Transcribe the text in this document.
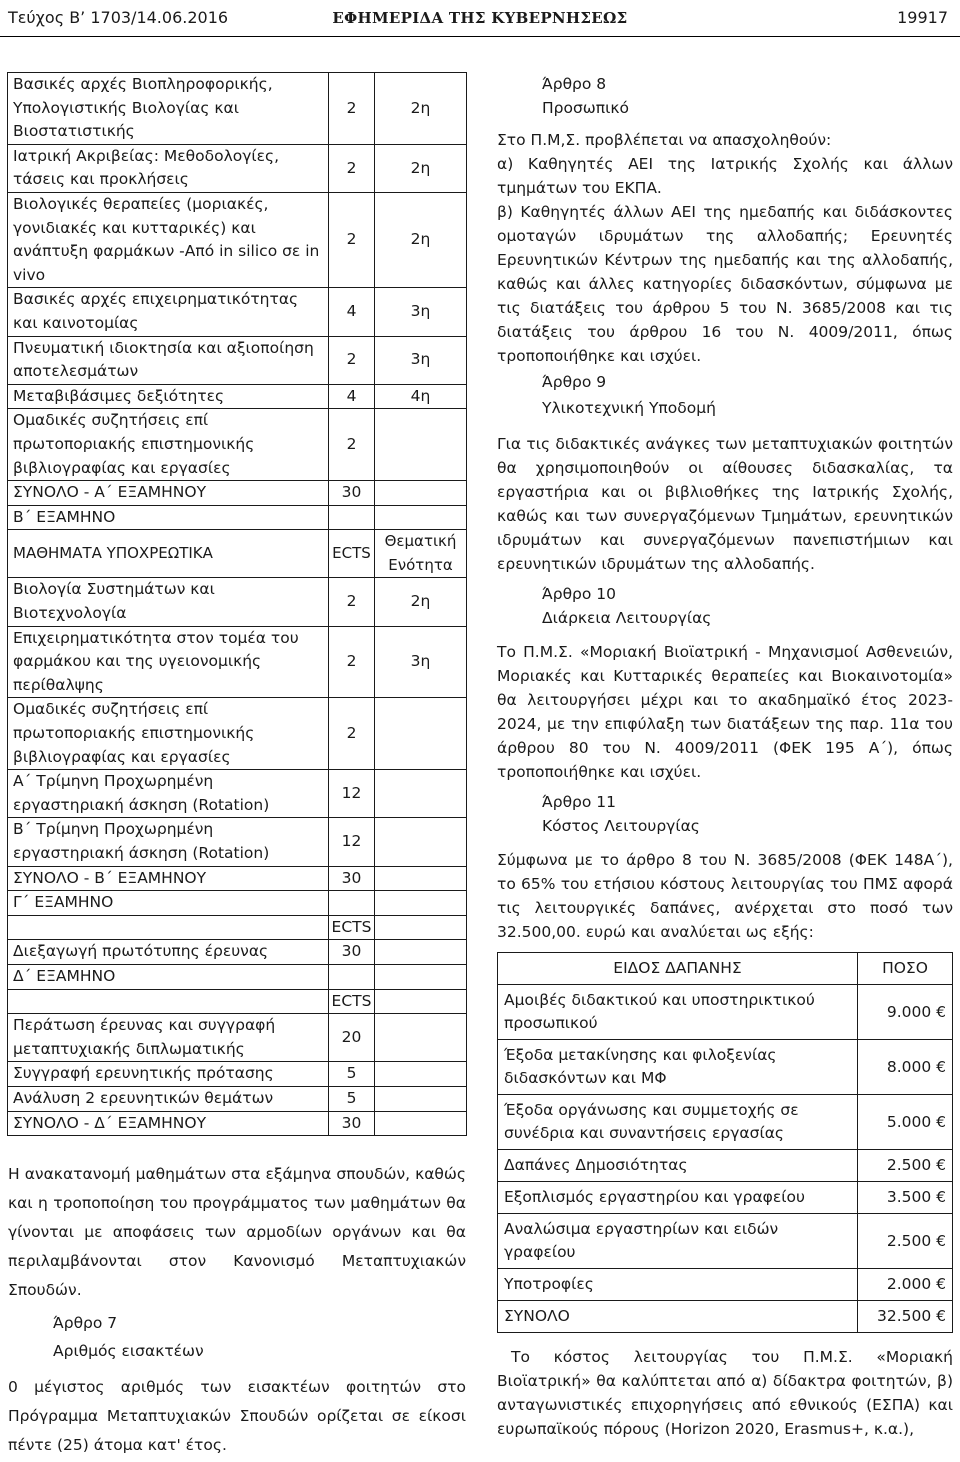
Τεύχος Β’ 1703/14.06.2016	ΕΦΗΜΕΡΙΔΑ ΤΗΣ ΚΥΒΕΡΝΗΣΕΩΣ	19917
Βασικές αρχές Βιοπληροφορικής, Υπολογιστικής Βιολογίας και Βιοστατιστικής	2	2η
Ιατρική Ακριβείας: Μεθοδολογίες, τάσεις και προκλήσεις	2	2η
Βιολογικές θεραπείες (μοριακές, γονιδιακές και κυτταρικές) και ανάπτυξη φαρμάκων -Από in silico σε in vivo	2	2η
Βασικές αρχές επιχειρηματικότητας και καινοτομίας	4	3η
Πνευματική ιδιοκτησία και αξιοποίηση αποτελεσμάτων	2	3η
Μεταβιβάσιμες δεξιότητες	4	4η
Ομαδικές συζητήσεις επί πρωτοποριακής επιστημονικής βιβλιογραφίας και εργασίες	2	
ΣΥΝΟΛΟ - Α΄ ΕΞΑΜΗΝΟΥ	30	
Β΄ ΕΞΑΜΗΝΟ		
ΜΑΘΗΜΑΤΑ ΥΠΟΧΡΕΩΤΙΚΑ	ECTS	Θεματική Ενότητα
Βιολογία Συστημάτων και Βιοτεχνολογία	2	2η
Επιχειρηματικότητα στον τομέα του φαρμάκου και της υγειονομικής περίθαλψης	2	3η
Ομαδικές συζητήσεις επί πρωτοποριακής επιστημονικής βιβλιογραφίας και εργασίες	2	
Α΄ Τρίμηνη Προχωρημένη εργαστηριακή άσκηση (Rotation)	12	
Β΄ Τρίμηνη Προχωρημένη εργαστηριακή άσκηση (Rotation)	12	
ΣΥΝΟΛΟ - Β΄ ΕΞΑΜΗΝΟΥ	30	
Γ΄ ΕΞΑΜΗΝΟ		
	ECTS	
Διεξαγωγή πρωτότυπης έρευνας	30	
Δ΄ ΕΞΑΜΗΝΟ		
	ECTS	
Περάτωση έρευνας και συγγραφή μεταπτυχιακής διπλωματικής	20	
Συγγραφή ερευνητικής πρότασης	5	
Ανάλυση 2 ερευνητικών θεμάτων	5	
ΣΥΝΟΛΟ - Δ΄ ΕΞΑΜΗΝΟΥ	30	

Η ανακατανομή μαθημάτων στα εξάμηνα σπουδών, καθώς και η τροποποίηση του προγράμματος των μαθημάτων θα γίνονται με αποφάσεις των αρμοδίων οργάνων και θα περιλαμβάνονται στον Κανονισμό Μεταπτυχιακών Σπουδών.

Άρθρο 7

Αριθμός εισακτέων

0 μέγιστος αριθμός των εισακτέων φοιτητών στο Πρόγραμμα Μεταπτυχιακών Σπουδών ορίζεται σε είκοσι πέντε (25) άτομα κατ' έτος.

Άρθρο 8

Προσωπικό

Στο Π.Μ,Σ. προβλέπεται να απασχοληθούν:

α) Καθηγητές ΑΕΙ της Ιατρικής Σχολής και άλλων τμημάτων του ΕΚΠΑ.

β) Καθηγητές άλλων ΑΕΙ της ημεδαπής και διδάσκοντες ομοταγών ιδρυμάτων της αλλοδαπής; Ερευνητές Ερευνητικών Κέντρων της ημεδαπής και της αλλοδαπής, καθώς και άλλες κατηγορίες διδασκόντων, σύμφωνα με τις διατάξεις του άρθρου 5 του Ν. 3685/2008 και τις διατάξεις του άρθρου 16 του Ν. 4009/2011, όπως τροποποιήθηκε και ισχύει.

Άρθρο 9

Υλικοτεχνική Υποδομή

Για τις διδακτικές ανάγκες των μεταπτυχιακών φοιτητών θα χρησιμοποιηθούν οι αίθουσες διδασκαλίας, τα εργαστήρια και οι βιβλιοθήκες της Ιατρικής Σχολής, καθώς και των συνεργαζόμενων Τμημάτων, ερευνητικών ιδρυμάτων και συνεργαζόμενων πανεπιστήμιων και ερευνητικών ιδρυμάτων της αλλοδαπής.

Άρθρο 10

Διάρκεια Λειτουργίας

Το Π.Μ.Σ. «Μοριακή Βιοϊατρική - Μηχανισμοί Ασθενειών, Μοριακές και Κυτταρικές θεραπείες και Βιοκαινοτομία» θα λειτουργήσει μέχρι και το ακαδημαϊκό έτος 2023-2024, με την επιφύλαξη των διατάξεων της παρ. 11α του άρθρου 80 του Ν. 4009/2011 (ΦΕΚ 195 Α΄), όπως τροποποιήθηκε και ισχύει.

Άρθρο 11

Κόστος Λειτουργίας

Σύμφωνα με το άρθρο 8 του Ν. 3685/2008 (ΦΕΚ 148Α΄), το 65% του ετήσιου κόστους λειτουργίας του ΠΜΣ αφορά τις λειτουργικές δαπάνες, ανέρχεται στο ποσό των 32.500,00. ευρώ και αναλύεται ως εξής:

ΕΙΔΟΣ ΔΑΠΑΝΗΣ	ΠΟΣΟ
Αμοιβές διδακτικού και υποστηρικτικού προσωπικού	9.000 €
Έξοδα μετακίνησης και φιλοξενίας διδασκόντων και ΜΦ	8.000 €
Έξοδα οργάνωσης και συμμετοχής σε συνέδρια και συναντήσεις εργασίας	5.000 €
Δαπάνες Δημοσιότητας	2.500 €
Εξοπλισμός εργαστηρίου και γραφείου	3.500 €
Αναλώσιμα εργαστηρίων και ειδών γραφείου	2.500 €
Υποτροφίες	2.000 €
ΣΥΝΟΛΟ	32.500 €

Το κόστος λειτουργίας του Π.Μ.Σ. «Μοριακή Βιοϊατρική» θα καλύπτεται από α) δίδακτρα φοιτητών, β) ανταγωνιστικές επιχορηγήσεις από εθνικούς (ΕΣΠΑ) και ευρωπαϊκούς πόρους (Horizon 2020, Erasmus+, κ.α.),
